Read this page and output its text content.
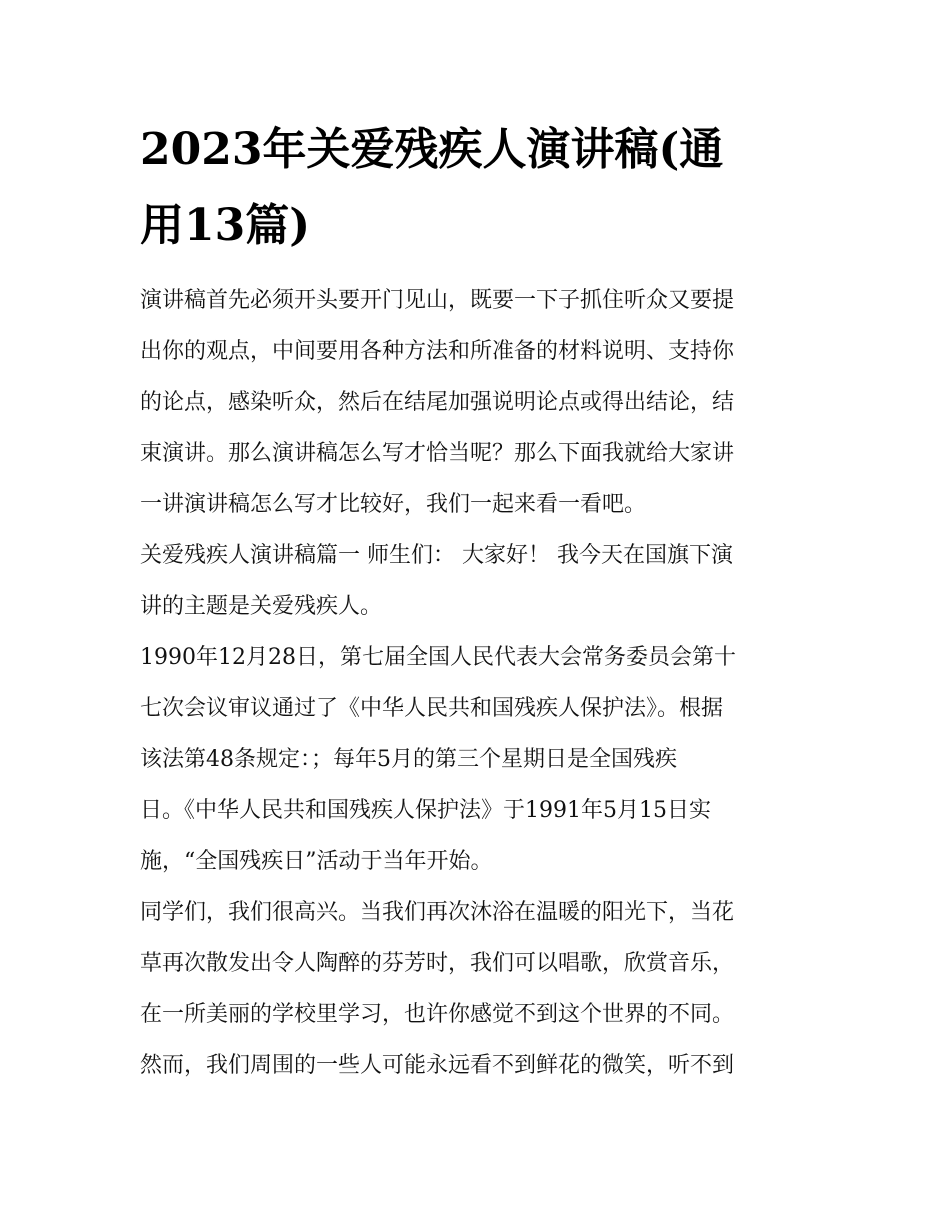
2023年关爱残疾人演讲稿(通
用13篇)
演讲稿首先必须开头要开门见山，既要一下子抓住听众又要提
出你的观点，中间要用各种方法和所准备的材料说明、支持你
的论点，感染听众，然后在结尾加强说明论点或得出结论，结
束演讲。那么演讲稿怎么写才恰当呢？那么下面我就给大家讲
一讲演讲稿怎么写才比较好，我们一起来看一看吧。
关爱残疾人演讲稿篇一 师生们： 大家好！ 我今天在国旗下演
讲的主题是关爱残疾人。
1990年12月28日，第七届全国人民代表大会常务委员会第十
七次会议审议通过了《中华人民共和国残疾人保护法》。根据
该法第48条规定：；每年5月的第三个星期日是全国残疾
日。《中华人民共和国残疾人保护法》于1991年5月15日实
施，“全国残疾日”活动于当年开始。
同学们，我们很高兴。当我们再次沐浴在温暖的阳光下，当花
草再次散发出令人陶醉的芬芳时，我们可以唱歌，欣赏音乐，
在一所美丽的学校里学习，也许你感觉不到这个世界的不同。
然而，我们周围的一些人可能永远看不到鲜花的微笑，听不到
